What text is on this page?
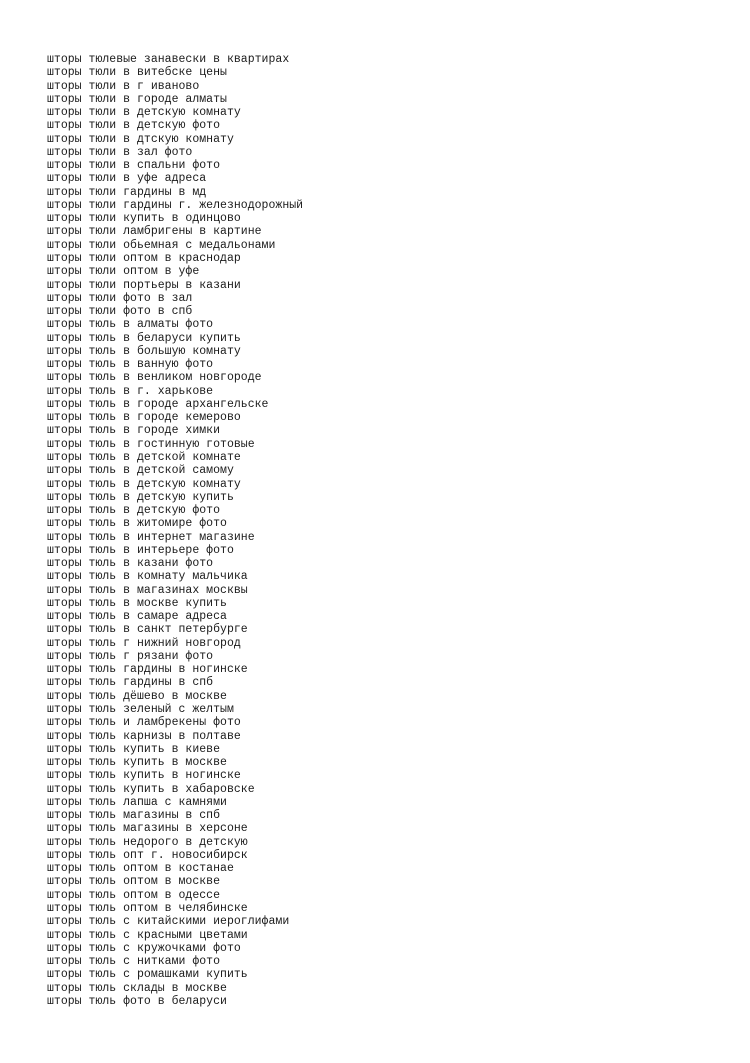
шторы тюлевые занавески в квартирах
шторы тюли в витебске цены
шторы тюли в г иваново
шторы тюли в городе алматы
шторы тюли в детскую комнату
шторы тюли в детскую фото
шторы тюли в дтскую комнату
шторы тюли в зал фото
шторы тюли в спальни фото
шторы тюли в уфе адреса
шторы тюли гардины в мд
шторы тюли гардины г. железнодорожный
шторы тюли купить в одинцово
шторы тюли ламбригены в картине
шторы тюли обьемная с медальонами
шторы тюли оптом в краснодар
шторы тюли оптом в уфе
шторы тюли портьеры в казани
шторы тюли фото в зал
шторы тюли фото в спб
шторы тюль в алматы фото
шторы тюль в беларуси купить
шторы тюль в большую комнату
шторы тюль в ванную фото
шторы тюль в венликом новгороде
шторы тюль в г. харькове
шторы тюль в городе архангельске
шторы тюль в городе кемерово
шторы тюль в городе химки
шторы тюль в гостинную готовые
шторы тюль в детской комнате
шторы тюль в детской самому
шторы тюль в детскую комнату
шторы тюль в детскую купить
шторы тюль в детскую фото
шторы тюль в житомире фото
шторы тюль в интернет магазине
шторы тюль в интерьере фото
шторы тюль в казани фото
шторы тюль в комнату мальчика
шторы тюль в магазинах москвы
шторы тюль в москве купить
шторы тюль в самаре адреса
шторы тюль в санкт петербурге
шторы тюль г нижний новгород
шторы тюль г рязани фото
шторы тюль гардины в ногинске
шторы тюль гардины в спб
шторы тюль дёшево в москве
шторы тюль зеленый с желтым
шторы тюль и ламбрекены фото
шторы тюль карнизы в полтаве
шторы тюль купить в киеве
шторы тюль купить в москве
шторы тюль купить в ногинске
шторы тюль купить в хабаровске
шторы тюль лапша с камнями
шторы тюль магазины в спб
шторы тюль магазины в херсоне
шторы тюль недорого в детскую
шторы тюль опт г. новосибирск
шторы тюль оптом в костанае
шторы тюль оптом в москве
шторы тюль оптом в одессе
шторы тюль оптом в челябинске
шторы тюль с китайскими иероглифами
шторы тюль с красными цветами
шторы тюль с кружочками фото
шторы тюль с нитками фото
шторы тюль с ромашками купить
шторы тюль склады в москве
шторы тюль фото в беларуси
